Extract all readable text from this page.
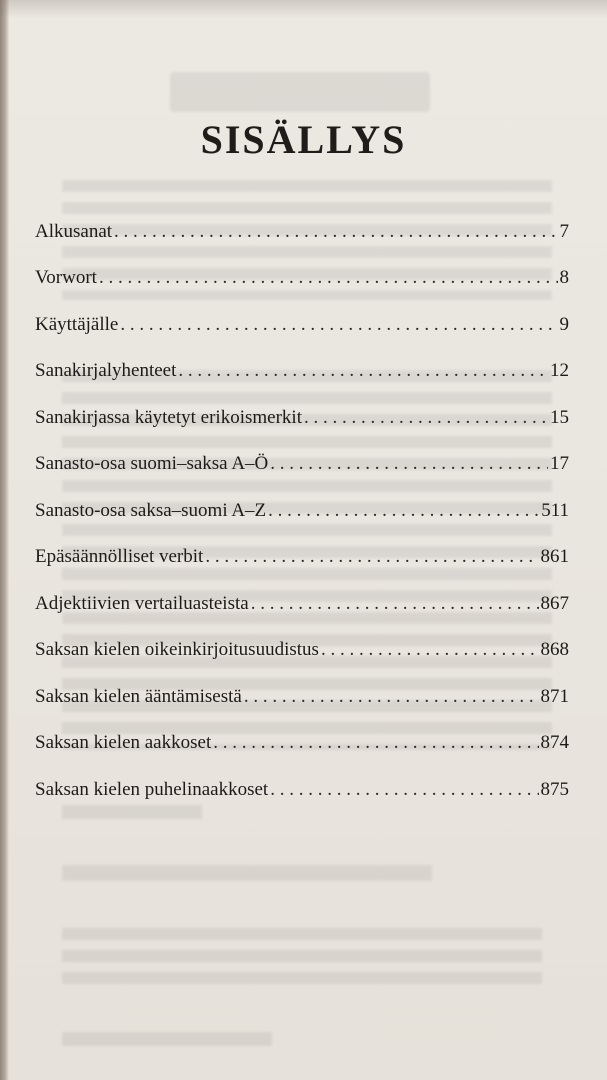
SISÄLLYS
Alkusanat . . .	7
Vorwort . . .	8
Käyttäjälle . . .	9
Sanakirjalyhenteet . . .	12
Sanakirjassa käytetyt erikoismerkit . . .	15
Sanasto-osa suomi–saksa A–Ö . . .	17
Sanasto-osa saksa–suomi A–Z . . .	511
Epäsäännölliset verbit . . .	861
Adjektiivien vertailuasteista . . .	867
Saksan kielen oikeinkirjoitusuudistus . . .	868
Saksan kielen ääntämisestä . . .	871
Saksan kielen aakkoset . . .	874
Saksan kielen puhelinaakkoset . . .	875
